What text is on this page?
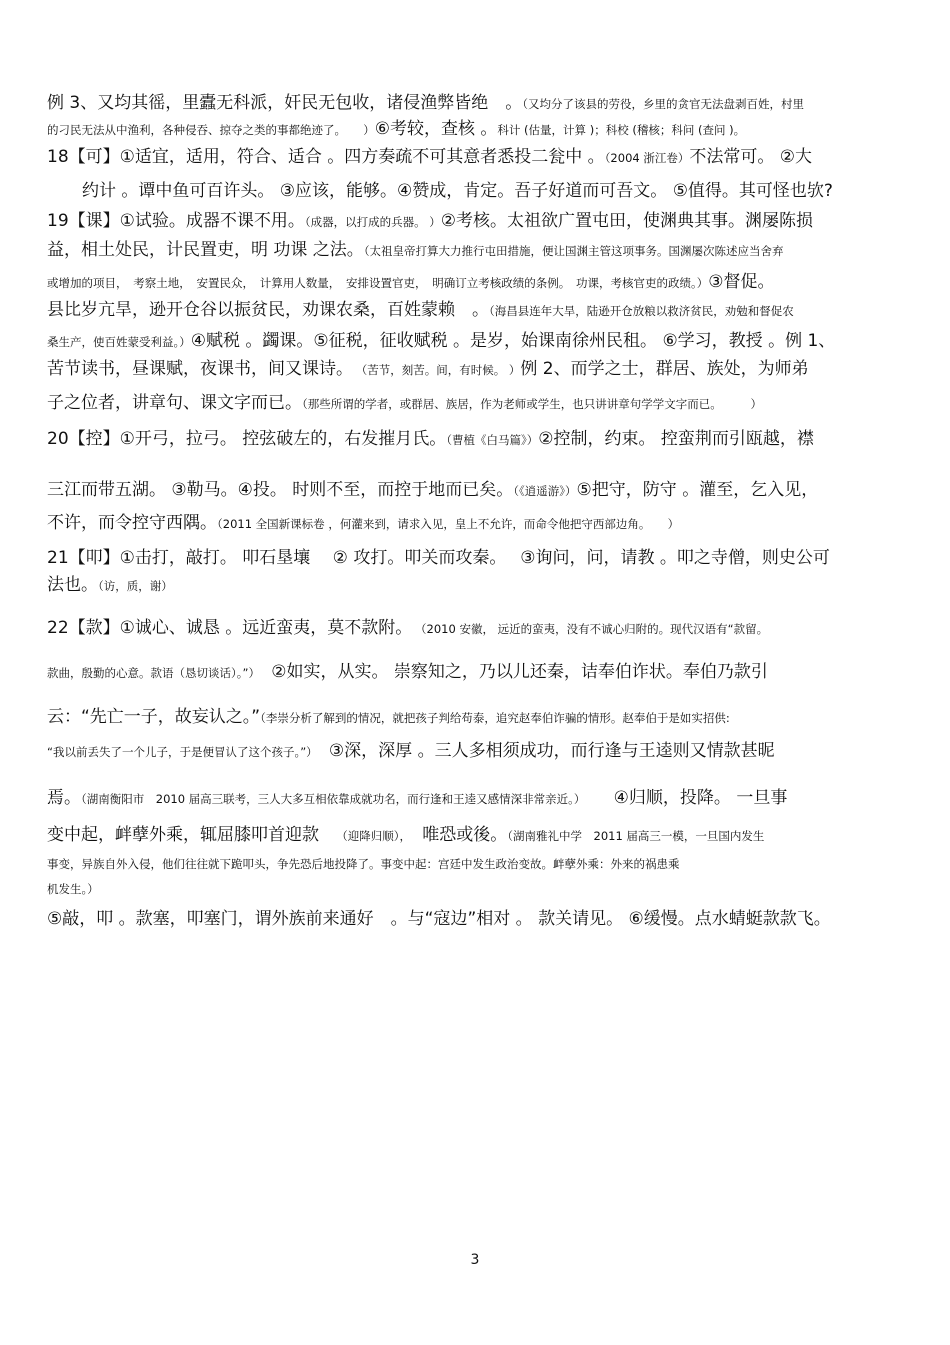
例 3、又均其徭，里蠹无科派，奸民无包收，诸侵渔弊皆绝　。（又均分了该县的劳役，乡里的贪官无法盘剥百姓，村里
的刁民无法从中渔利，各种侵吞、掠夺之类的事都绝迹了。　　）⑥考较，查核 。科计 (估量，计算 )；科校 (稽核；科问 (查问 )。
18【可】①适宜，适用，符合、适合 。四方奏疏不可其意者悉投二瓮中 。（2004 浙江卷）不法常可。 ②大
约计 。谭中鱼可百许头。 ③应该，能够。④赞成，肯定。吾子好道而可吾文。 ⑤值得。其可怪也欤?
19【课】①试验。成器不课不用。（成器，以打成的兵器。 ）②考核。太祖欲广置屯田，使渊典其事。渊屡陈损
益，相土处民，计民置吏，明 功课 之法。（太祖皇帝打算大力推行屯田措施，便让国渊主管这项事务。国渊屡次陈述应当舍弃
或增加的项目，　考察土地，　安置民众，　计算用人数量，　安排设置官吏，　明确订立考核政绩的条例。　功课，考核官吏的政绩。）③督促。
县比岁亢旱，逊开仓谷以振贫民，劝课农桑，百姓蒙赖　。（海昌县连年大旱，陆逊开仓放粮以救济贫民，劝勉和督促农
桑生产，使百姓蒙受利益。）④赋税 。蠲课。⑤征税，征收赋税 。是岁，始课南徐州民租。 ⑥学习，教授 。例 1、
苦节读书，昼课赋，夜课书，间又课诗。　（苦节，刻苦。间，有时候。 ）例 2、而学之士，群居、族处，为师弟
子之位者，讲章句、课文字而已。（那些所谓的学者，或群居、族居，作为老师或学生，也只讲讲章句学学文字而已。　　　）
20【控】①开弓，拉弓。 控弦破左的，右发摧月氏。（曹植《白马篇》）②控制，约束。 控蛮荆而引瓯越，襟
三江而带五湖。 ③勒马。④投。 时则不至，而控于地而已矣。（《逍遥游》）⑤把守，防守 。灌至，乞入见，
不许，而令控守西隅。（2011 全国新课标卷 ，何灌来到，请求入见，皇上不允许，而命令他把守西部边角。　　）
21【叩】①击打，敲打。 叩石垦壤　 ② 攻打。叩关而攻秦。　 ③询问，问，请教 。叩之寺僧，则史公可
法也。（访，质，谢）
22【款】①诚心、诚恳 。远近蛮夷，莫不款附。　（2010 安徽， 远近的蛮夷，没有不诚心归附的。现代汉语有“款留。
款曲，殷勤的心意。款语（恳切谈话）。”）　②如实，从实。 崇察知之，乃以儿还秦，诘奉伯诈状。奉伯乃款引
云：“先亡一子，故妄认之。”（李崇分析了解到的情况，就把孩子判给苟泰，追究赵奉伯诈骗的情形。赵奉伯于是如实招供:
“我以前丢失了一个儿子，于是便冒认了这个孩子。”）　③深，深厚 。三人多相须成功，而行逢与王逵则又情款甚昵
焉。（湖南衡阳市　2010 届高三联考，三人大多互相依靠成就功名，而行逢和王逵又感情深非常亲近。）　　④归顺，投降。 一旦事
变中起，衅孽外乘，辄屈膝叩首迎款　　（迎降归顺），　唯恐或後。（湖南雅礼中学　2011 届高三一模，一旦国内发生
事变，异族自外入侵，他们往往就下跪叩头，争先恐后地投降了。事变中起：宫廷中发生政治变故。衅孽外乘：外来的祸患乘
机发生。）
⑤敲，叩 。款塞，叩塞门，谓外族前来通好　。与“寇边”相对 。 款关请见。 ⑥缓慢。点水蜻蜓款款飞。
3
